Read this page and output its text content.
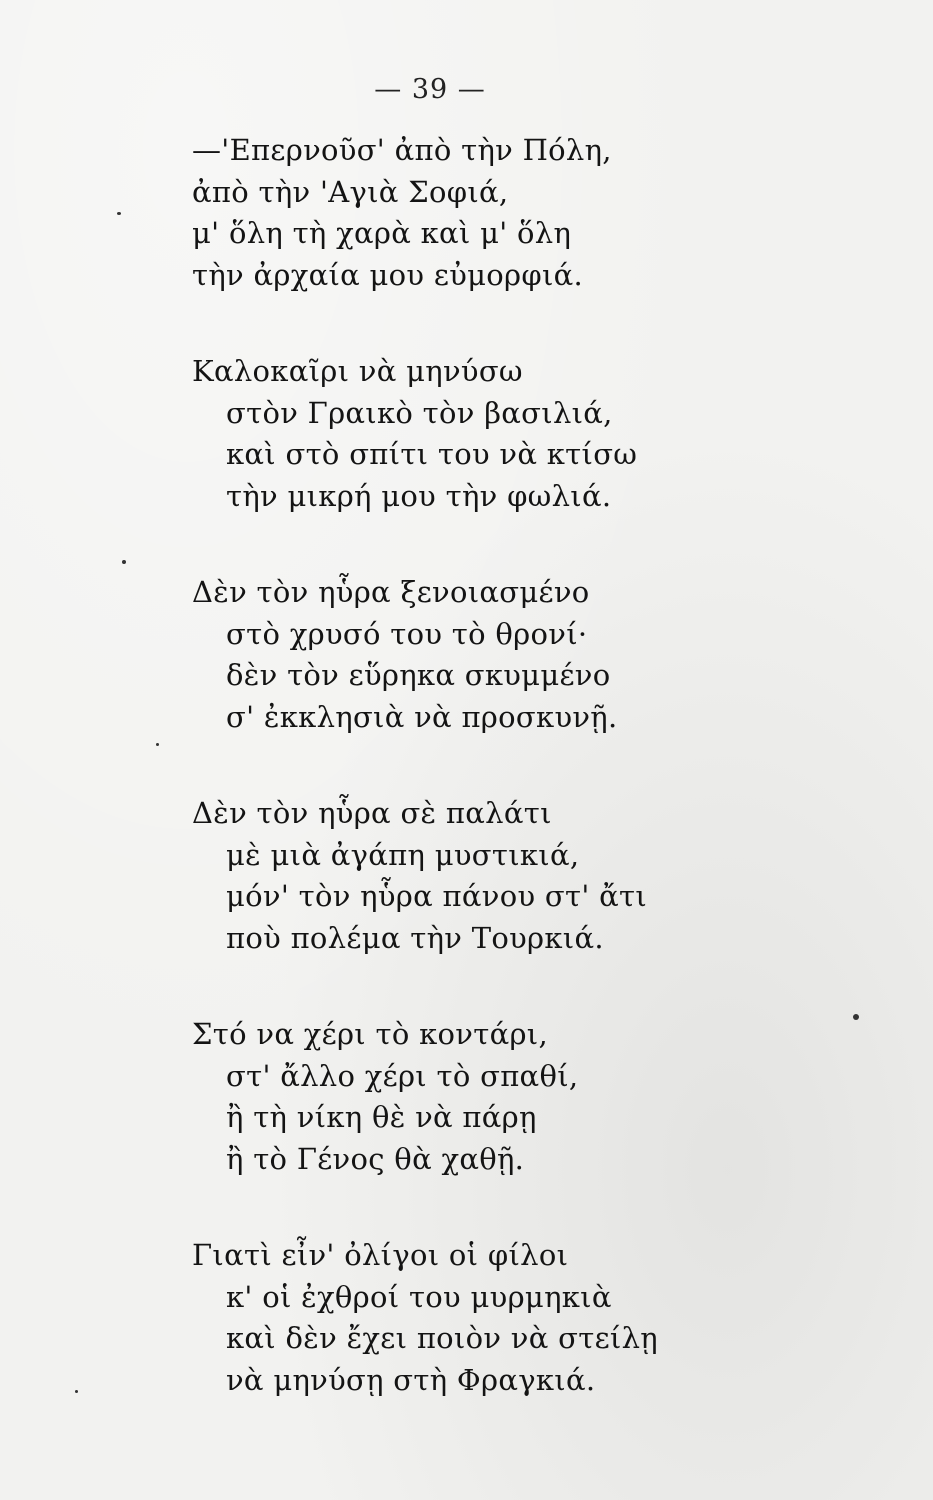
— 39 —
—'Επερνοῦσ' ἀπὸ τὴν Πόλη,
ἀπὸ τὴν 'Αγιὰ Σοφιά,
μ' ὅλη τὴ χαρὰ καὶ μ' ὅλη
τὴν ἀρχαία μου εὐμορφιά.
Καλοκαῖρι νὰ μηνύσω
στὸν Γραικὸ τὸν βασιλιά,
καὶ στὸ σπίτι του νὰ κτίσω
τὴν μικρή μου τὴν φωλιά.
Δὲν τὸν ηὗρα ξενοιασμένο
στὸ χρυσό του τὸ θρονί·
δὲν τὸν εὕρηκα σκυμμένο
σ' ἐκκλησιὰ νὰ προσκυνῇ.
Δὲν τὸν ηὗρα σὲ παλάτι
μὲ μιὰ ἀγάπη μυστικιά,
μόν' τὸν ηὗρα πάνου στ' ἄτι
ποὺ πολέμα τὴν Τουρκιά.
Στό να χέρι τὸ κοντάρι,
στ' ἄλλο χέρι τὸ σπαθί,
ἢ τὴ νίκη θὲ νὰ πάρῃ
ἢ τὸ Γένος θὰ χαθῇ.
Γιατὶ εἶν' ὀλίγοι οἱ φίλοι
κ' οἱ ἐχθροί του μυρμηκιὰ
καὶ δὲν ἔχει ποιὸν νὰ στείλῃ
νὰ μηνύσῃ στὴ Φραγκιά.
